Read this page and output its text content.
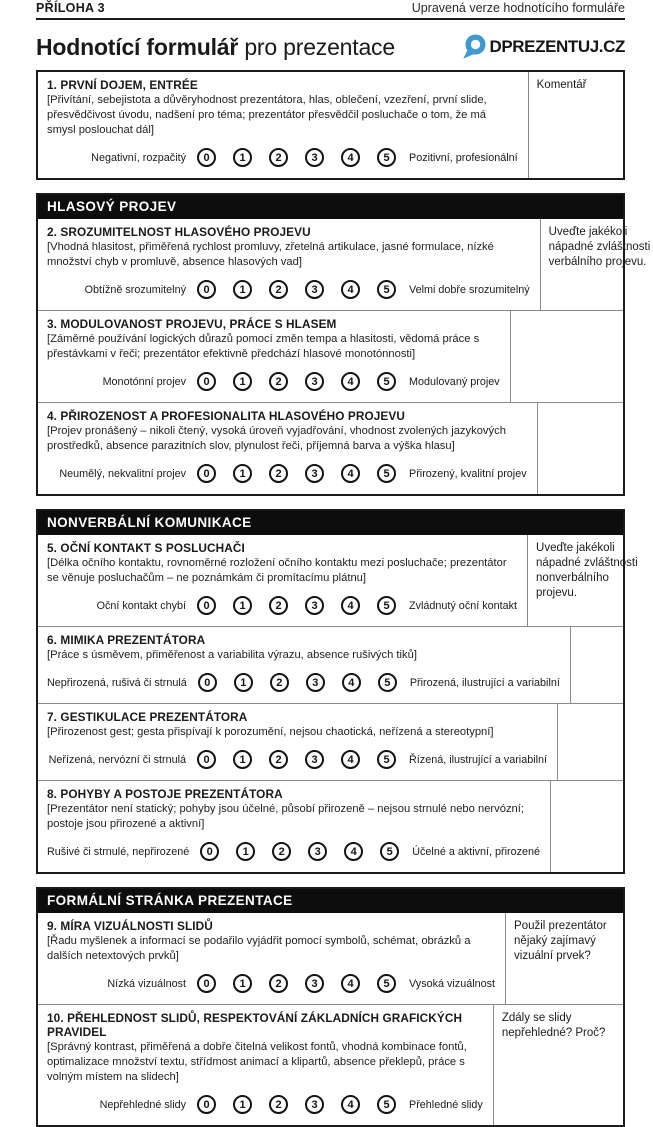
PŘÍLOHA 3	Upravená verze hodnotícího formuláře
Hodnotící formulář pro prezentace	DPREZENTUJ.CZ
1. PRVNÍ DOJEM, ENTRÉE
[Přivítání, sebejistota a důvěryhodnost prezentátora, hlas, oblečení, vzezření, první slide, přesvědčivost úvodu, nadšení pro téma; prezentátor přesvědčil posluchače o tom, že má smysl poslouchat dál]
Negativní, rozpačitý	0	1	2	3	4	5	Pozitivní, profesionální
Komentář
HLASOVÝ PROJEV
2. SROZUMITELNOST HLASOVÉHO PROJEVU
[Vhodná hlasitost, přiměřená rychlost promluvy, zřetelná artikulace, jasné formulace, nízké množství chyb v promluvě, absence hlasových vad]
Obtížně srozumitelný	0	1	2	3	4	5	Velmi dobře srozumitelný
Uveďte jakékoli nápadné zvláštnosti verbálního projevu.
3. MODULOVANOST PROJEVU, PRÁCE S HLASEM
[Záměrné používání logických důrazů pomocí změn tempa a hlasitosti, vědomá práce s přestávkami v řeči; prezentátor efektivně předchází hlasové monotónnosti]
Monotónní projev	0	1	2	3	4	5	Modulovaný projev
4. PŘIROZENOST A PROFESIONALITA HLASOVÉHO PROJEVU
[Projev pronášený – nikoli čtený, vysoká úroveň vyjadřování, vhodnost zvolených jazykových prostředků, absence parazitních slov, plynulost řeči, příjemná barva a výška hlasu]
Neumělý, nekvalitní projev	0	1	2	3	4	5	Přirozený, kvalitní projev
NONVERBÁLNÍ KOMUNIKACE
5. OČNÍ KONTAKT S POSLUCHAČI
[Délka očního kontaktu, rovnoměrné rozložení očního kontaktu mezi posluchače; prezentátor se věnuje posluchačům – ne poznámkám či promítacímu plátnu]
Oční kontakt chybí	0	1	2	3	4	5	Zvládnutý oční kontakt
Uveďte jakékoli nápadné zvláštnosti nonverbálního projevu.
6. MIMIKA PREZENTÁTORA
[Práce s úsměvem, přiměřenost a variabilita výrazu, absence rušivých tiků]
Nepřirozená, rušivá či strnulá	0	1	2	3	4	5	Přirozená, ilustrující a variabilní
7. GESTIKULACE PREZENTÁTORA
[Přirozenost gest; gesta přispívají k porozumění, nejsou chaotická, neřízená a stereotypní]
Neřízená, nervózní či strnulá	0	1	2	3	4	5	Řízená, ilustrující a variabilní
8. POHYBY A POSTOJE PREZENTÁTORA
[Prezentátor není statický; pohyby jsou účelné, působí přirozeně – nejsou strnulé nebo nervózní; postoje jsou přirozené a aktivní]
Rušivé či strnulé, nepřirozené	0	1	2	3	4	5	Účelné a aktivní, přirozené
FORMÁLNÍ STRÁNKA PREZENTACE
9. MÍRA VIZUÁLNOSTI SLIDŮ
[Řadu myšlenek a informací se podařilo vyjádřit pomocí symbolů, schémat, obrázků a dalších netextových prvků]
Nízká vizuálnost	0	1	2	3	4	5	Vysoká vizuálnost
Použil prezentátor nějaký zajímavý vizuální prvek?
10. PŘEHLEDNOST SLIDŮ, RESPEKTOVÁNÍ ZÁKLADNÍCH GRAFICKÝCH PRAVIDEL
[Správný kontrast, přiměřená a dobře čitelná velikost fontů, vhodná kombinace fontů, optimalizace množství textu, střídmost animací a klipartů, absence překlepů, práce s volným místem na slidech]
Nepřehledné slidy	0	1	2	3	4	5	Přehledné slidy
Zdály se slidy nepřehledné? Proč?
